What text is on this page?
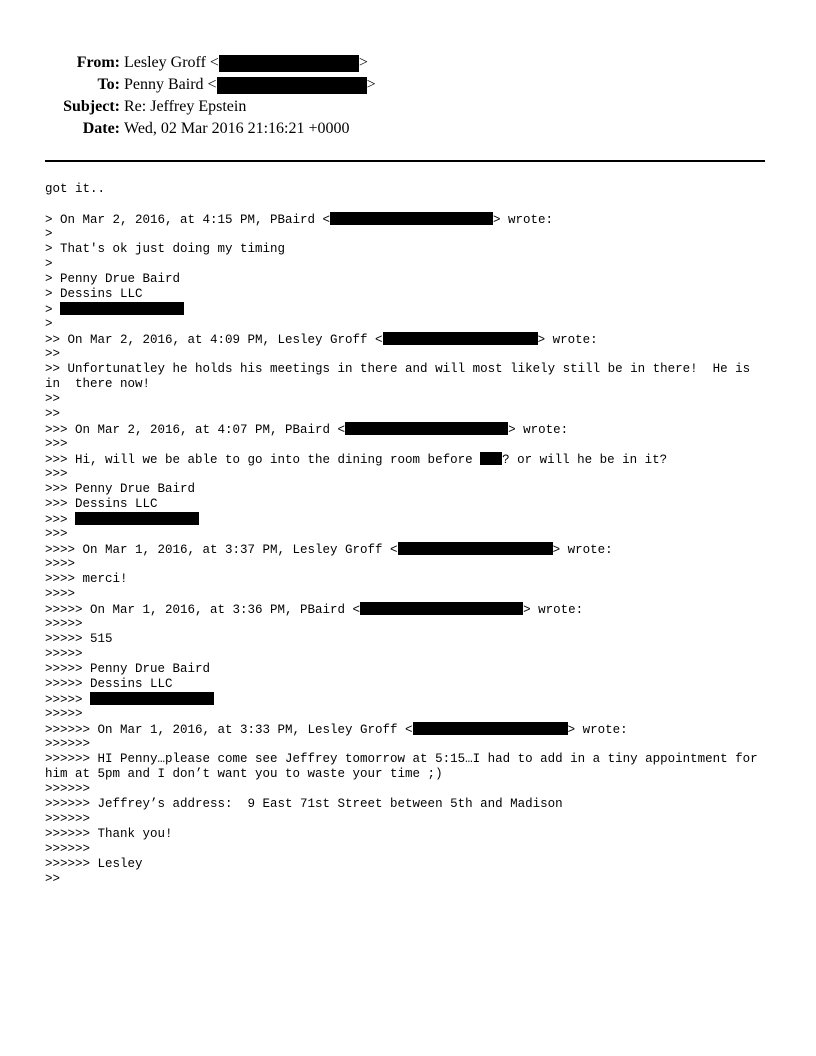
From: Lesley Groff <	>
To: Penny Baird <	>
Subject: Re: Jeffrey Epstein
Date: Wed, 02 Mar 2016 21:16:21 +0000
got it..
> On Mar 2, 2016, at 4:15 PM, PBaird <	> wrote:
>
> That's ok just doing my timing
>
> Penny Drue Baird
> Dessins LLC
>
>
>> On Mar 2, 2016, at 4:09 PM, Lesley Groff <	> wrote:
>>
>> Unfortunatley he holds his meetings in there and will most likely still be in there!  He is in  there now!
>>
>>
>>> On Mar 2, 2016, at 4:07 PM, PBaird <	> wrote:
>>>
>>> Hi, will we be able to go into the dining room before ? or will he be in it?
>>>
>>> Penny Drue Baird
>>> Dessins LLC
>>>
>>>
>>>> On Mar 1, 2016, at 3:37 PM, Lesley Groff <	> wrote:
>>>>
>>>> merci!
>>>>
>>>>> On Mar 1, 2016, at 3:36 PM, PBaird <	> wrote:
>>>>>
>>>>> 515
>>>>>
>>>>> Penny Drue Baird
>>>>> Dessins LLC
>>>>>
>>>>>
>>>>>> On Mar 1, 2016, at 3:33 PM, Lesley Groff <	> wrote:
>>>>>>
>>>>>> HI Penny…please come see Jeffrey tomorrow at 5:15…I had to add in a tiny appointment for him at 5pm and I don’t want you to waste your time ;)
>>>>>>
>>>>>> Jeffrey’s address:  9 East 71st Street between 5th and Madison
>>>>>>
>>>>>> Thank you!
>>>>>>
>>>>>> Lesley
>>
